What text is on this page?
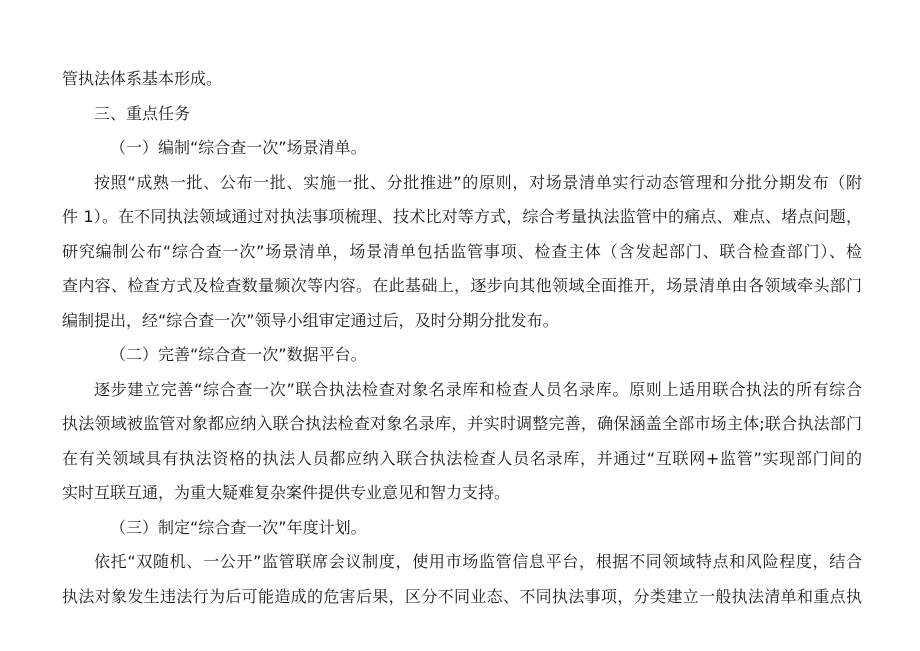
管执法体系基本形成。
三、重点任务
（一）编制“综合查一次”场景清单。
按照“成熟一批、公布一批、实施一批、分批推进”的原则，对场景清单实行动态管理和分批分期发布（附
件 1）。在不同执法领域通过对执法事项梳理、技术比对等方式，综合考量执法监管中的痛点、难点、堵点问题，
研究编制公布“综合查一次”场景清单，场景清单包括监管事项、检查主体（含发起部门、联合检查部门）、检
查内容、检查方式及检查数量频次等内容。在此基础上，逐步向其他领域全面推开，场景清单由各领域牵头部门
编制提出，经“综合查一次”领导小组审定通过后，及时分期分批发布。
（二）完善“综合查一次”数据平台。
逐步建立完善“综合查一次”联合执法检查对象名录库和检查人员名录库。原则上适用联合执法的所有综合
执法领域被监管对象都应纳入联合执法检查对象名录库，并实时调整完善，确保涵盖全部市场主体;联合执法部门
在有关领域具有执法资格的执法人员都应纳入联合执法检查人员名录库，并通过“互联网+监管”实现部门间的
实时互联互通，为重大疑难复杂案件提供专业意见和智力支持。
（三）制定“综合查一次”年度计划。
依托“双随机、一公开”监管联席会议制度，使用市场监管信息平台，根据不同领域特点和风险程度，结合
执法对象发生违法行为后可能造成的危害后果，区分不同业态、不同执法事项，分类建立一般执法清单和重点执
